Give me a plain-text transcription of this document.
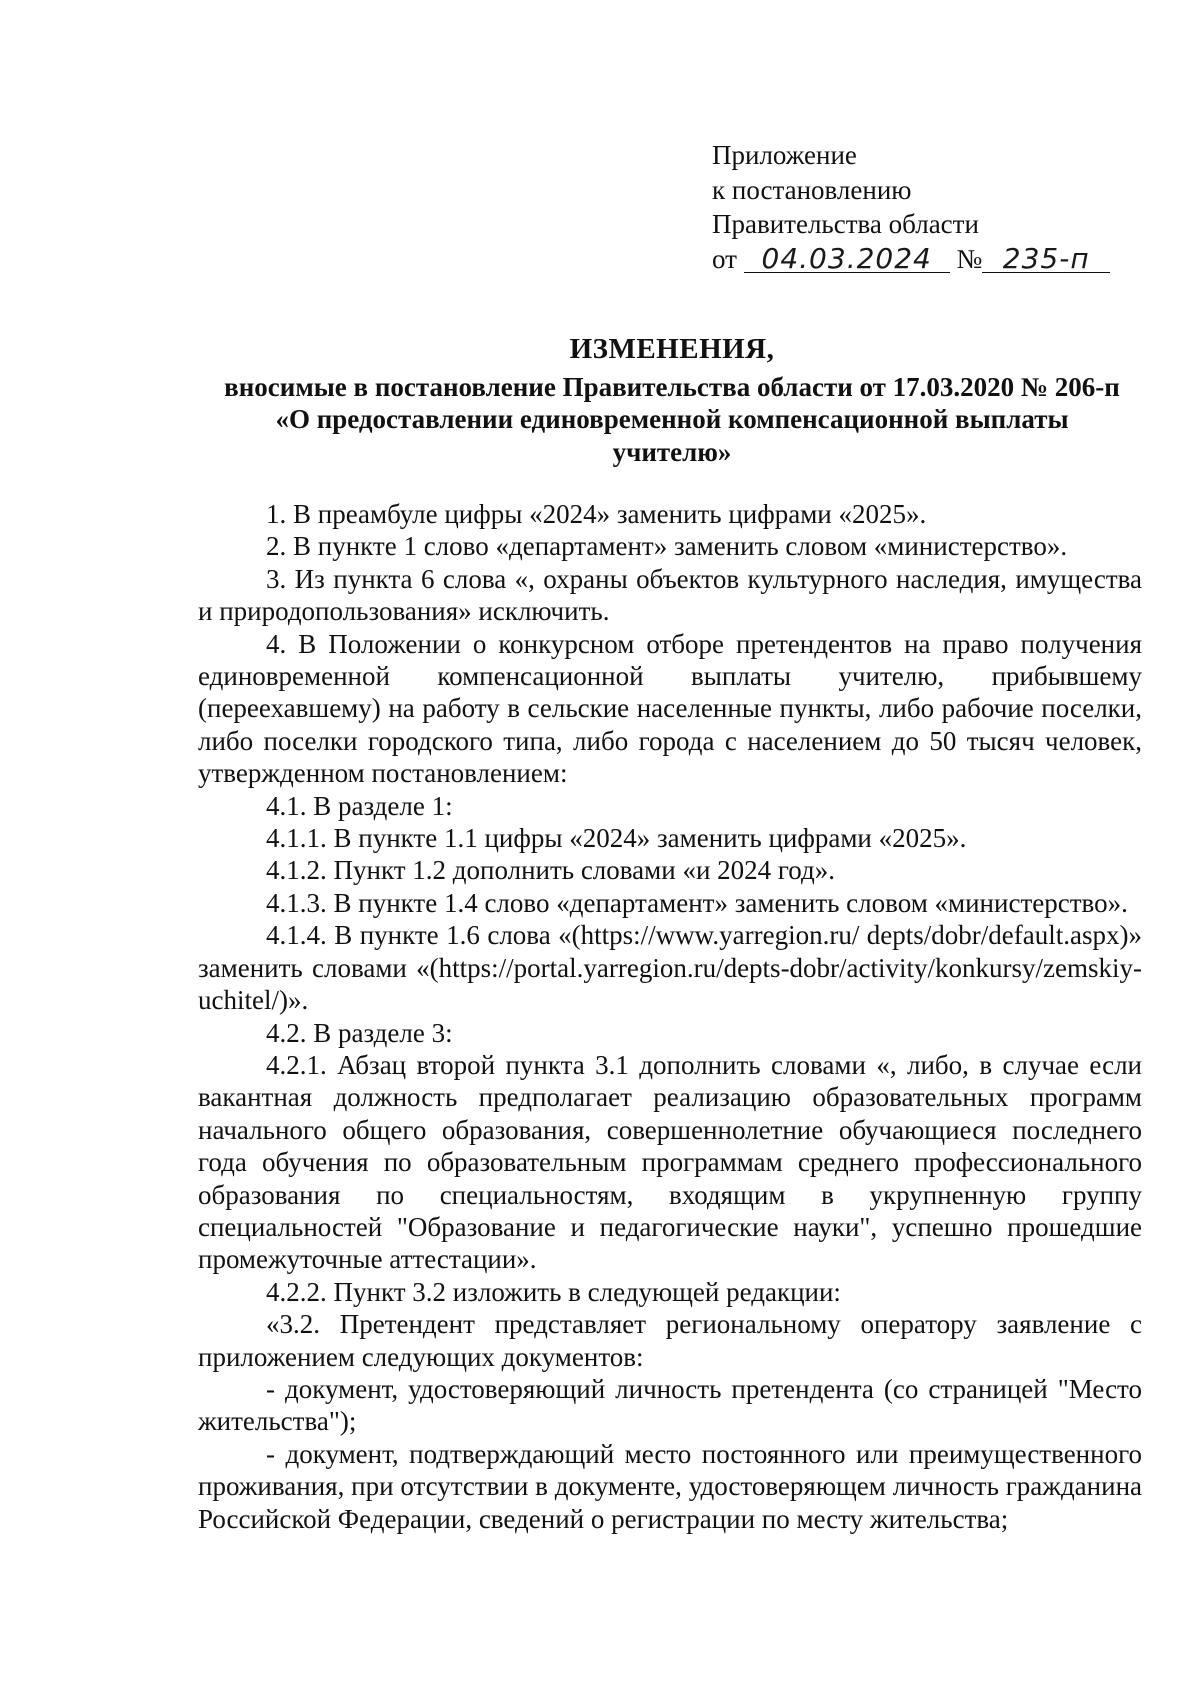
Приложение
к постановлению
Правительства области
от 04.03.2024 № 235-п
ИЗМЕНЕНИЯ,
вносимые в постановление Правительства области от 17.03.2020 № 206-п
«О предоставлении единовременной компенсационной выплаты
учителю»

1. В преамбуле цифры «2024» заменить цифрами «2025».

2. В пункте 1 слово «департамент» заменить словом «министерство».

3. Из пункта 6 слова «, охраны объектов культурного наследия, имущества и природопользования» исключить.

4. В Положении о конкурсном отборе претендентов на право получения единовременной компенсационной выплаты учителю, прибывшему (переехавшему) на работу в сельские населенные пункты, либо рабочие поселки, либо поселки городского типа, либо города с населением до 50 тысяч человек, утвержденном постановлением:

4.1. В разделе 1:

4.1.1. В пункте 1.1 цифры «2024» заменить цифрами «2025».

4.1.2. Пункт 1.2 дополнить словами «и 2024 год».

4.1.3. В пункте 1.4 слово «департамент» заменить словом «министерство».

4.1.4. В пункте 1.6 слова «(https://www.yarregion.ru/ depts/dobr/default.aspx)» заменить словами «(https://portal.yarregion.ru/depts-dobr/activity/konkursy/zemskiy-uchitel/)».

4.2. В разделе 3:

4.2.1. Абзац второй пункта 3.1 дополнить словами «, либо, в случае если вакантная должность предполагает реализацию образовательных программ начального общего образования, совершеннолетние обучающиеся последнего года обучения по образовательным программам среднего профессионального образования по специальностям, входящим в укрупненную группу специальностей "Образование и педагогические науки", успешно прошедшие промежуточные аттестации».

4.2.2. Пункт 3.2 изложить в следующей редакции:

«3.2. Претендент представляет региональному оператору заявление с приложением следующих документов:

- документ, удостоверяющий личность претендента (со страницей "Место жительства");

- документ, подтверждающий место постоянного или преимущественного проживания, при отсутствии в документе, удостоверяющем личность гражданина Российской Федерации, сведений о регистрации по месту жительства;
